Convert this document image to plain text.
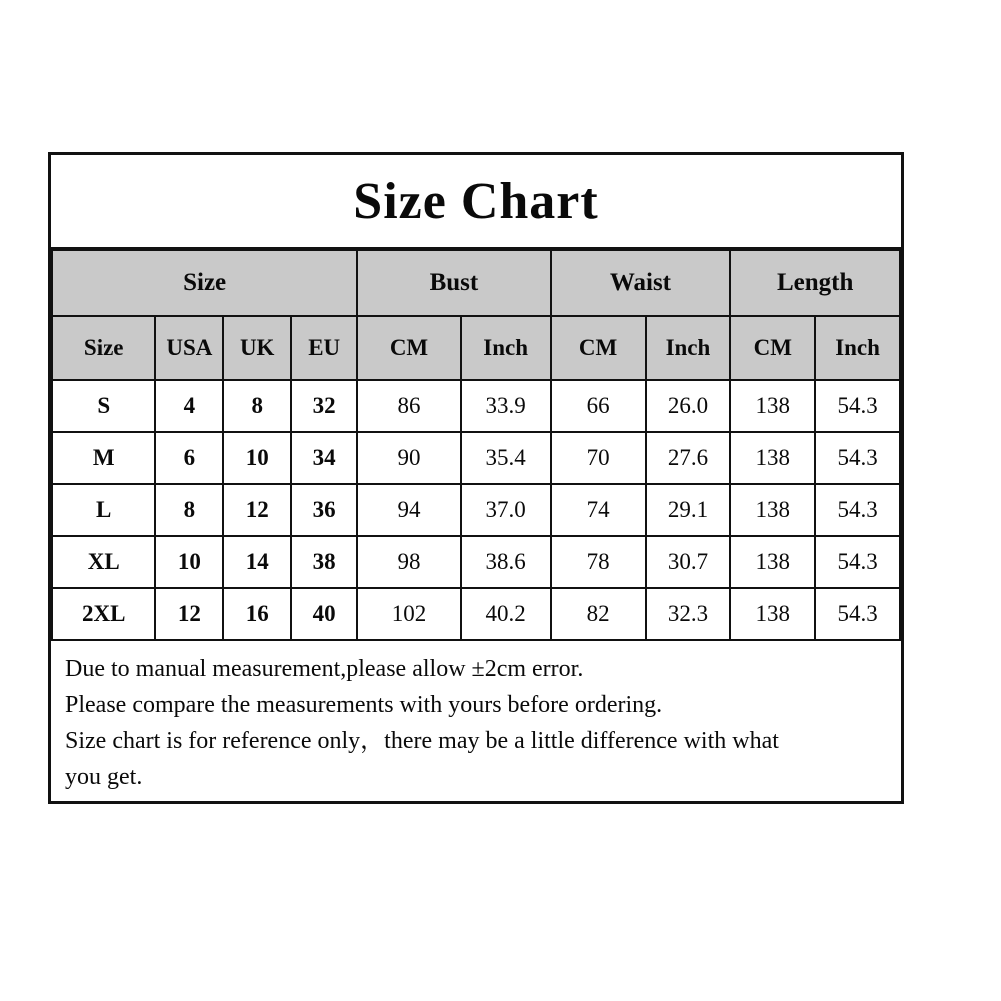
Size Chart
Size				Bust		Waist		Length	
Size	USA	UK	EU	CM	Inch	CM	Inch	CM	Inch
S	4	8	32	86	33.9	66	26.0	138	54.3
M	6	10	34	90	35.4	70	27.6	138	54.3
L	8	12	36	94	37.0	74	29.1	138	54.3
XL	10	14	38	98	38.6	78	30.7	138	54.3
2XL	12	16	40	102	40.2	82	32.3	138	54.3
Due to manual measurement,please allow ±2cm error.
Please compare the measurements with yours before ordering.
Size chart is for reference only，there may be a little difference with what
you get.
